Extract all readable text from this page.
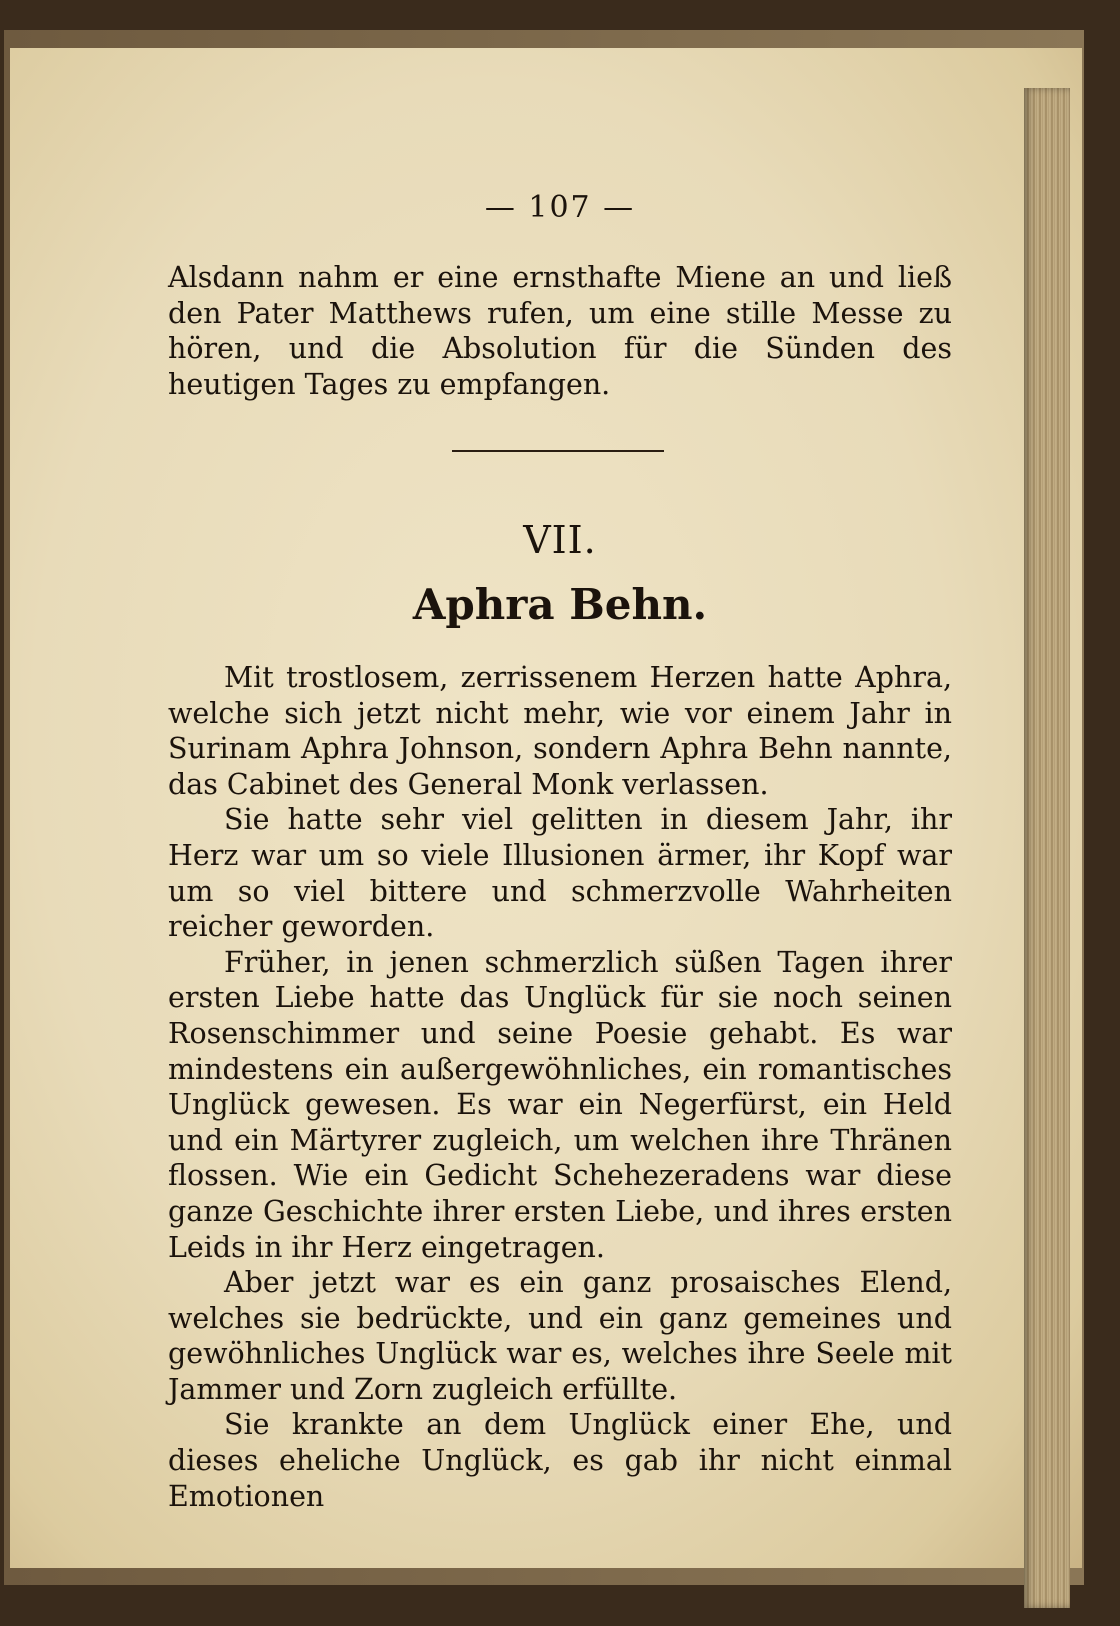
— 107 —

Alsdann nahm er eine ernsthafte Miene an und ließ den Pater Matthews rufen, um eine stille Messe zu hören, und die Absolution für die Sünden des heutigen Tages zu empfangen.

VII.
Aphra Behn.

Mit trostlosem, zerrissenem Herzen hatte Aphra, welche sich jetzt nicht mehr, wie vor einem Jahr in Surinam Aphra Johnson, sondern Aphra Behn nannte, das Cabinet des General Monk verlassen.

Sie hatte sehr viel gelitten in diesem Jahr, ihr Herz war um so viele Illusionen ärmer, ihr Kopf war um so viel bittere und schmerzvolle Wahrheiten reicher geworden.

Früher, in jenen schmerzlich süßen Tagen ihrer ersten Liebe hatte das Unglück für sie noch seinen Rosenschimmer und seine Poesie gehabt. Es war mindestens ein außergewöhnliches, ein romantisches Unglück gewesen. Es war ein Negerfürst, ein Held und ein Märtyrer zugleich, um welchen ihre Thränen flossen. Wie ein Gedicht Schehezeradens war diese ganze Geschichte ihrer ersten Liebe, und ihres ersten Leids in ihr Herz eingetragen.

Aber jetzt war es ein ganz prosaisches Elend, welches sie bedrückte, und ein ganz gemeines und gewöhnliches Unglück war es, welches ihre Seele mit Jammer und Zorn zugleich erfüllte.

Sie krankte an dem Unglück einer Ehe, und dieses eheliche Unglück, es gab ihr nicht einmal Emotionen
